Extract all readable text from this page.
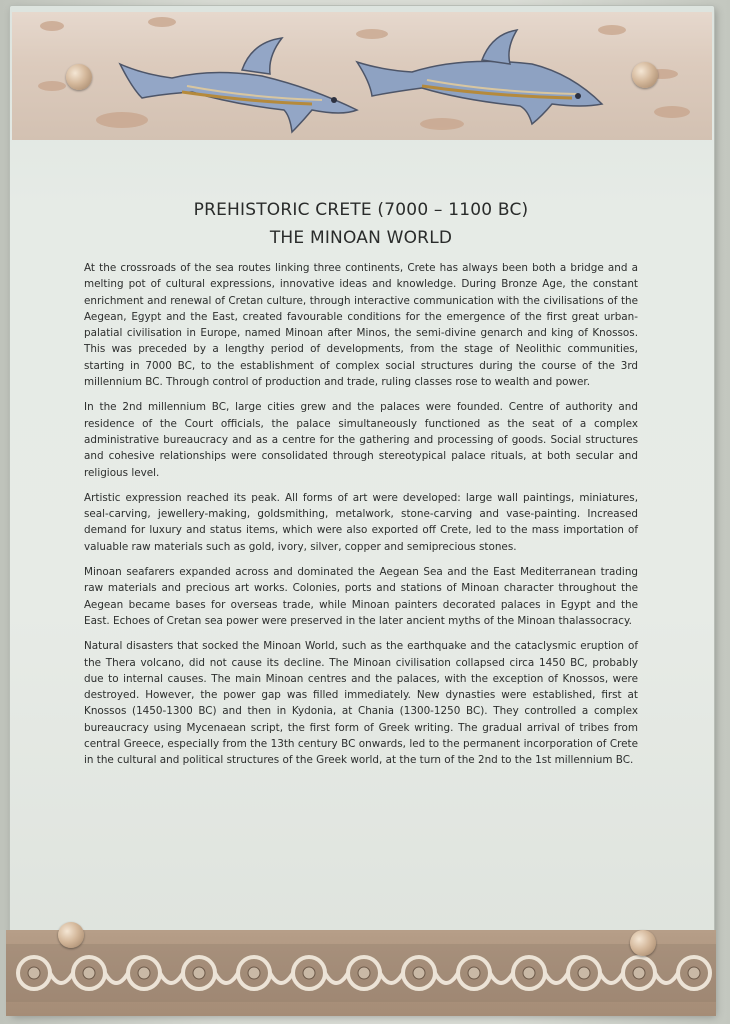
PREHISTORIC CRETE (7000 – 1100 BC)
THE MINOAN WORLD

At the crossroads of the sea routes linking three continents, Crete has always been both a bridge and a melting pot of cultural expressions, innovative ideas and knowledge. During Bronze Age, the constant enrichment and renewal of Cretan culture, through interactive communication with the civilisations of the Aegean, Egypt and the East, created favourable conditions for the emergence of the first great urban-palatial civilisation in Europe, named Minoan after Minos, the semi-divine genarch and king of Knossos. This was preceded by a lengthy period of developments, from the stage of Neolithic communities, starting in 7000 BC, to the establishment of complex social structures during the course of the 3rd millennium BC. Through control of production and trade, ruling classes rose to wealth and power.

In the 2nd millennium BC, large cities grew and the palaces were founded. Centre of authority and residence of the Court officials, the palace simultaneously functioned as the seat of a complex administrative bureaucracy and as a centre for the gathering and processing of goods. Social structures and cohesive relationships were consolidated through stereotypical palace rituals, at both secular and religious level.

Artistic expression reached its peak. All forms of art were developed: large wall paintings, miniatures, seal-carving, jewellery-making, goldsmithing, metalwork, stone-carving and vase-painting. Increased demand for luxury and status items, which were also exported off Crete, led to the mass importation of valuable raw materials such as gold, ivory, silver, copper and semiprecious stones.

Minoan seafarers expanded across and dominated the Aegean Sea and the East Mediterranean trading raw materials and precious art works. Colonies, ports and stations of Minoan character throughout the Aegean became bases for overseas trade, while Minoan painters decorated palaces in Egypt and the East. Echoes of Cretan sea power were preserved in the later ancient myths of the Minoan thalassocracy.

Natural disasters that socked the Minoan World, such as the earthquake and the cataclysmic eruption of the Thera volcano, did not cause its decline. The Minoan civilisation collapsed circa 1450 BC, probably due to internal causes. The main Minoan centres and the palaces, with the exception of Knossos, were destroyed. However, the power gap was filled immediately. New dynasties were established, first at Knossos (1450-1300 BC) and then in Kydonia, at Chania (1300-1250 BC). They controlled a complex bureaucracy using Mycenaean script, the first form of Greek writing. The gradual arrival of tribes from central Greece, especially from the 13th century BC onwards, led to the permanent incorporation of Crete in the cultural and political structures of the Greek world, at the turn of the 2nd to the 1st millennium BC.
